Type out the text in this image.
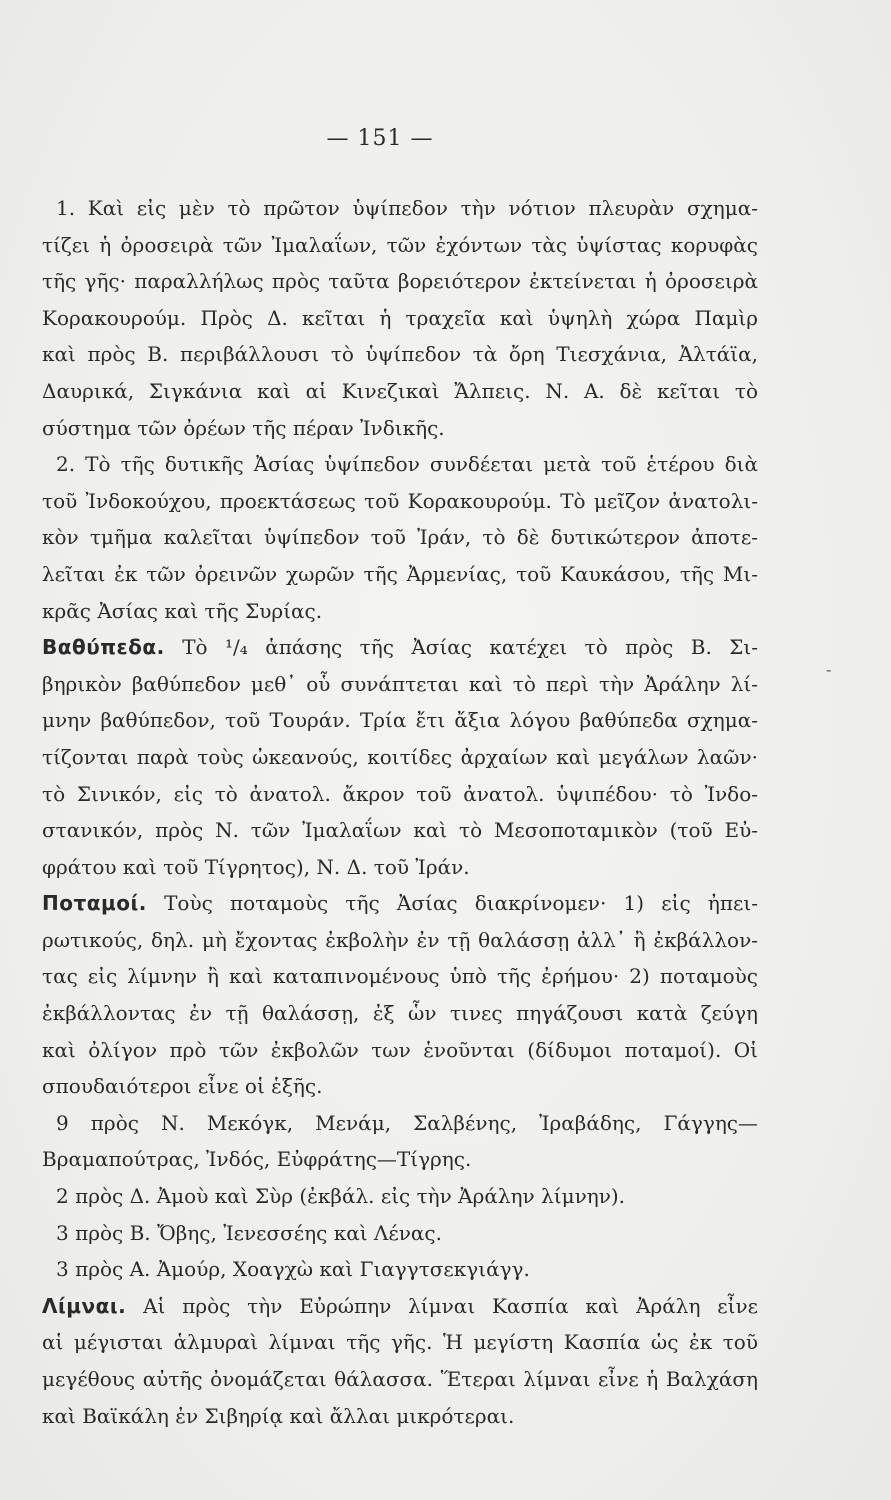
— 151 —
1. Καὶ εἰς μὲν τὸ πρῶτον ὑψίπεδον τὴν νότιον πλευρὰν σχημα-
τίζει ἡ ὀροσειρὰ τῶν Ἰμαλαΐων, τῶν ἐχόντων τὰς ὑψίστας κορυφὰς
τῆς γῆς· παραλλήλως πρὸς ταῦτα βορειότερον ἐκτείνεται ἡ ὀροσειρὰ
Κορακουρούμ. Πρὸς Δ. κεῖται ἡ τραχεῖα καὶ ὑψηλὴ χώρα Παμὶρ
καὶ πρὸς Β. περιβάλλουσι τὸ ὑψίπεδον τὰ ὄρη Τιεσχάνια, Ἀλτάϊα,
Δαυρικά, Σιγκάνια καὶ αἱ Κινεζικαὶ Ἄλπεις. Ν. Α. δὲ κεῖται τὸ
σύστημα τῶν ὀρέων τῆς πέραν Ἰνδικῆς.
2. Τὸ τῆς δυτικῆς Ἀσίας ὑψίπεδον συνδέεται μετὰ τοῦ ἑτέρου διὰ
τοῦ Ἰνδοκούχου, προεκτάσεως τοῦ Κορακουρούμ. Τὸ μεῖζον ἀνατολι-
κὸν τμῆμα καλεῖται ὑψίπεδον τοῦ Ἰράν, τὸ δὲ δυτικώτερον ἀποτε-
λεῖται ἐκ τῶν ὀρεινῶν χωρῶν τῆς Ἀρμενίας, τοῦ Καυκάσου, τῆς Μι-
κρᾶς Ἀσίας καὶ τῆς Συρίας.
Βαθύπεδα. Τὸ ¹/₄ ἁπάσης τῆς Ἀσίας κατέχει τὸ πρὸς Β. Σι-
βηρικὸν βαθύπεδον μεθ᾽ οὗ συνάπτεται καὶ τὸ περὶ τὴν Ἀράλην λί-
μνην βαθύπεδον, τοῦ Τουράν. Τρία ἔτι ἄξια λόγου βαθύπεδα σχημα-
τίζονται παρὰ τοὺς ὠκεανούς, κοιτίδες ἀρχαίων καὶ μεγάλων λαῶν·
τὸ Σινικόν, εἰς τὸ ἀνατολ. ἄκρον τοῦ ἀνατολ. ὑψιπέδου· τὸ Ἰνδο-
στανικόν, πρὸς Ν. τῶν Ἰμαλαΐων καὶ τὸ Μεσοποταμικὸν (τοῦ Εὐ-
φράτου καὶ τοῦ Τίγρητος), Ν. Δ. τοῦ Ἰράν.
Ποταμοί. Τοὺς ποταμοὺς τῆς Ἀσίας διακρίνομεν· 1) εἰς ἠπει-
ρωτικούς, δηλ. μὴ ἔχοντας ἐκβολὴν ἐν τῇ θαλάσσῃ ἀλλ᾽ ἢ ἐκβάλλον-
τας εἰς λίμνην ἢ καὶ καταπινομένους ὑπὸ τῆς ἐρήμου· 2) ποταμοὺς
ἐκβάλλοντας ἐν τῇ θαλάσσῃ, ἐξ ὧν τινες πηγάζουσι κατὰ ζεύγη
καὶ ὀλίγον πρὸ τῶν ἐκβολῶν των ἑνοῦνται (δίδυμοι ποταμοί). Οἱ
σπουδαιότεροι εἶνε οἱ ἑξῆς.
9 πρὸς Ν. Μεκόγκ, Μενάμ, Σαλβένης, Ἰραβάδης, Γάγγης—
Βραμαπούτρας, Ἰνδός, Εὐφράτης—Τίγρης.
2 πρὸς Δ. Ἀμοὺ καὶ Σὺρ (ἐκβάλ. εἰς τὴν Ἀράλην λίμνην).
3 πρὸς Β. Ὄβης, Ἰενεσσέης καὶ Λένας.
3 πρὸς Α. Ἀμούρ, Χοαγχὼ καὶ Γιαγγτσεκγιάγγ.
Λίμναι. Αἱ πρὸς τὴν Εὐρώπην λίμναι Κασπία καὶ Ἀράλη εἶνε
αἱ μέγισται ἁλμυραὶ λίμναι τῆς γῆς. Ἡ μεγίστη Κασπία ὡς ἐκ τοῦ
μεγέθους αὐτῆς ὀνομάζεται θάλασσα. Ἕτεραι λίμναι εἶνε ἡ Βαλχάση
καὶ Βαϊκάλη ἐν Σιβηρίᾳ καὶ ἄλλαι μικρότεραι.
-
